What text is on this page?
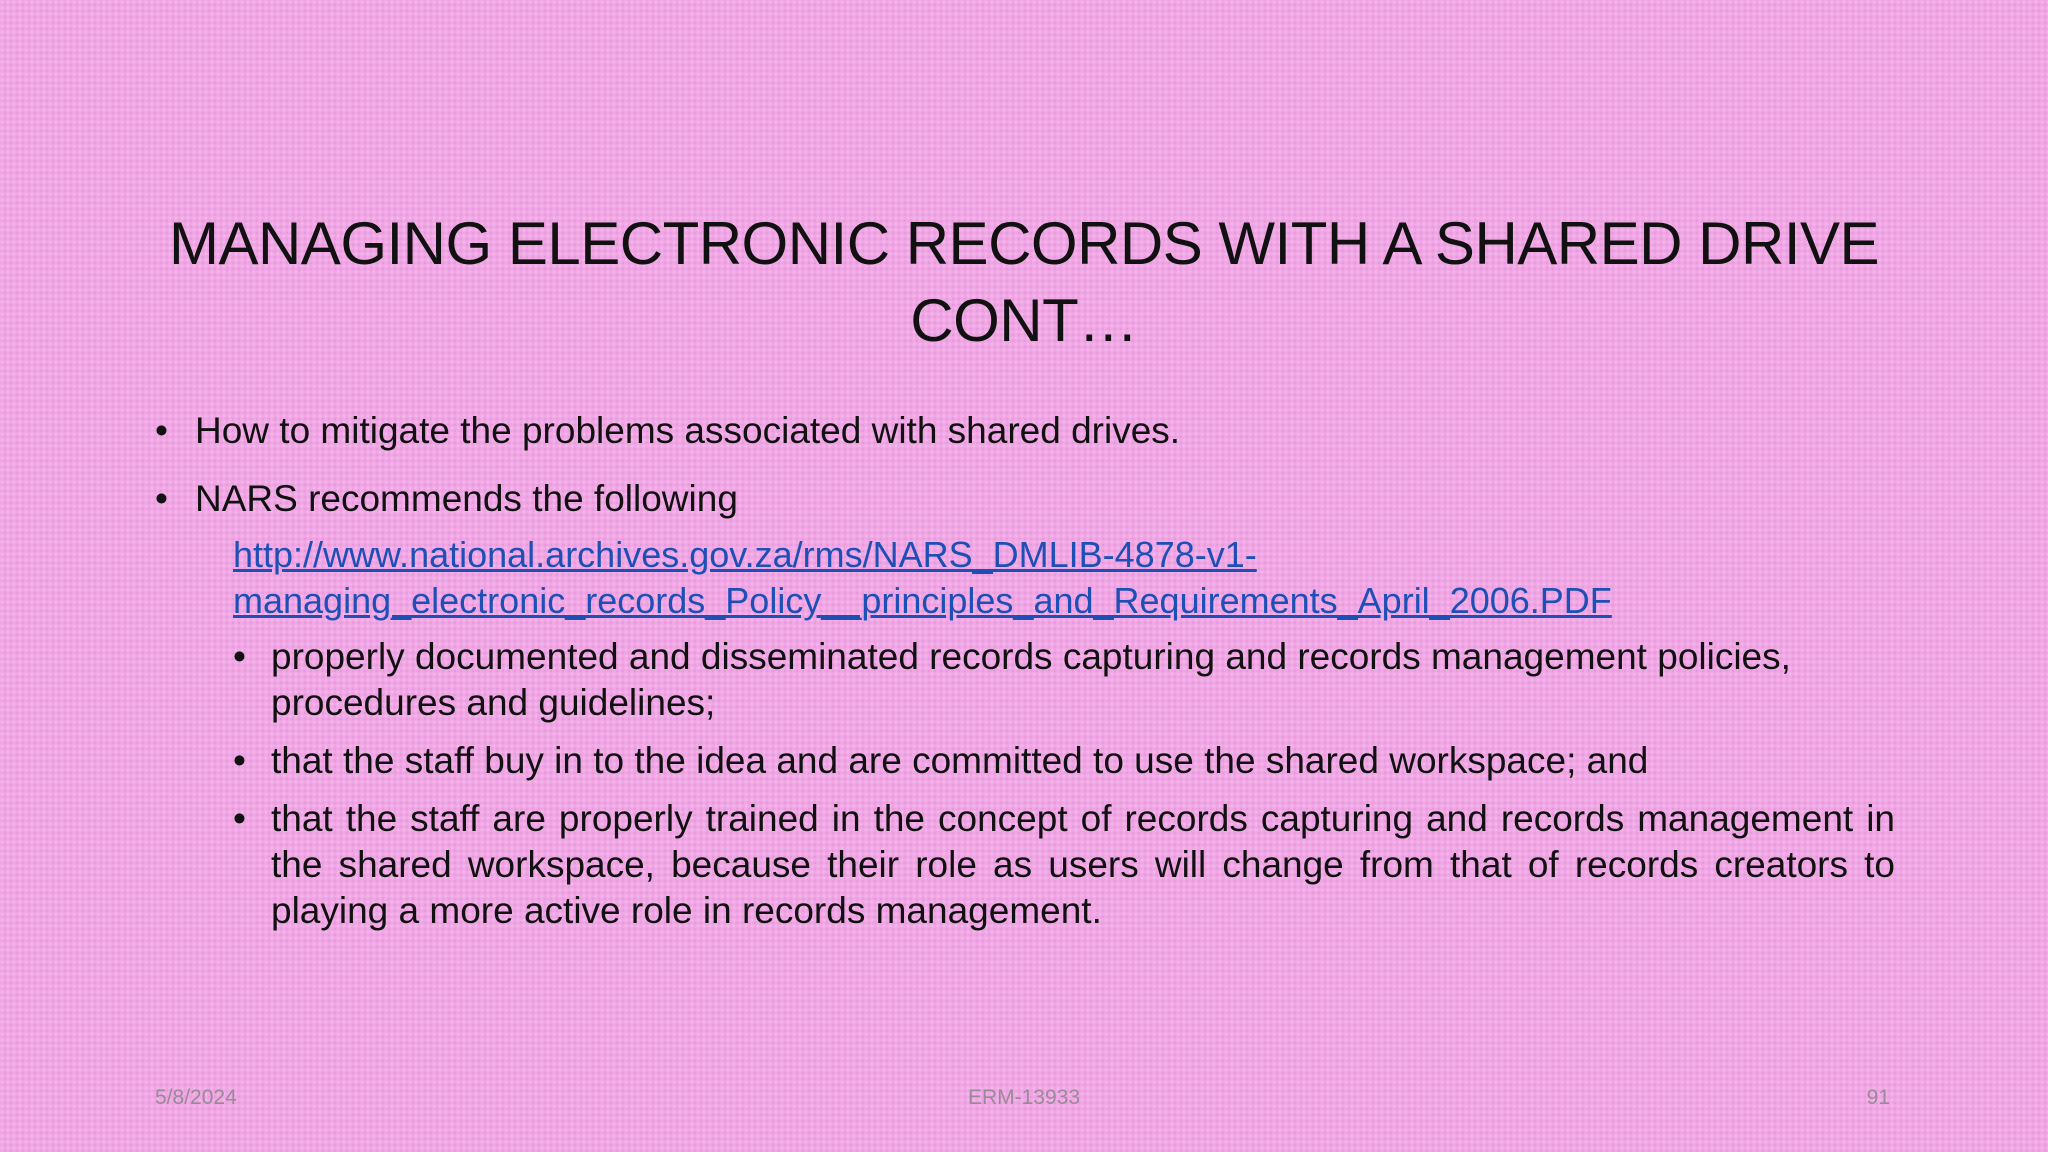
MANAGING ELECTRONIC RECORDS WITH A SHARED DRIVE
CONT…
• How to mitigate the problems associated with shared drives.
• NARS recommends the following
http://www.national.archives.gov.za/rms/NARS_DMLIB-4878-v1-
managing_electronic_records_Policy__principles_and_Requirements_April_2006.PDF
• properly documented and disseminated records capturing and records management policies, procedures and guidelines;
• that the staff buy in to the idea and are committed to use the shared workspace; and
• that the staff are properly trained in the concept of records capturing and records management in the shared workspace, because their role as users will change from that of records creators to playing a more active role in records management.
5/8/2024	ERM-13933	91
